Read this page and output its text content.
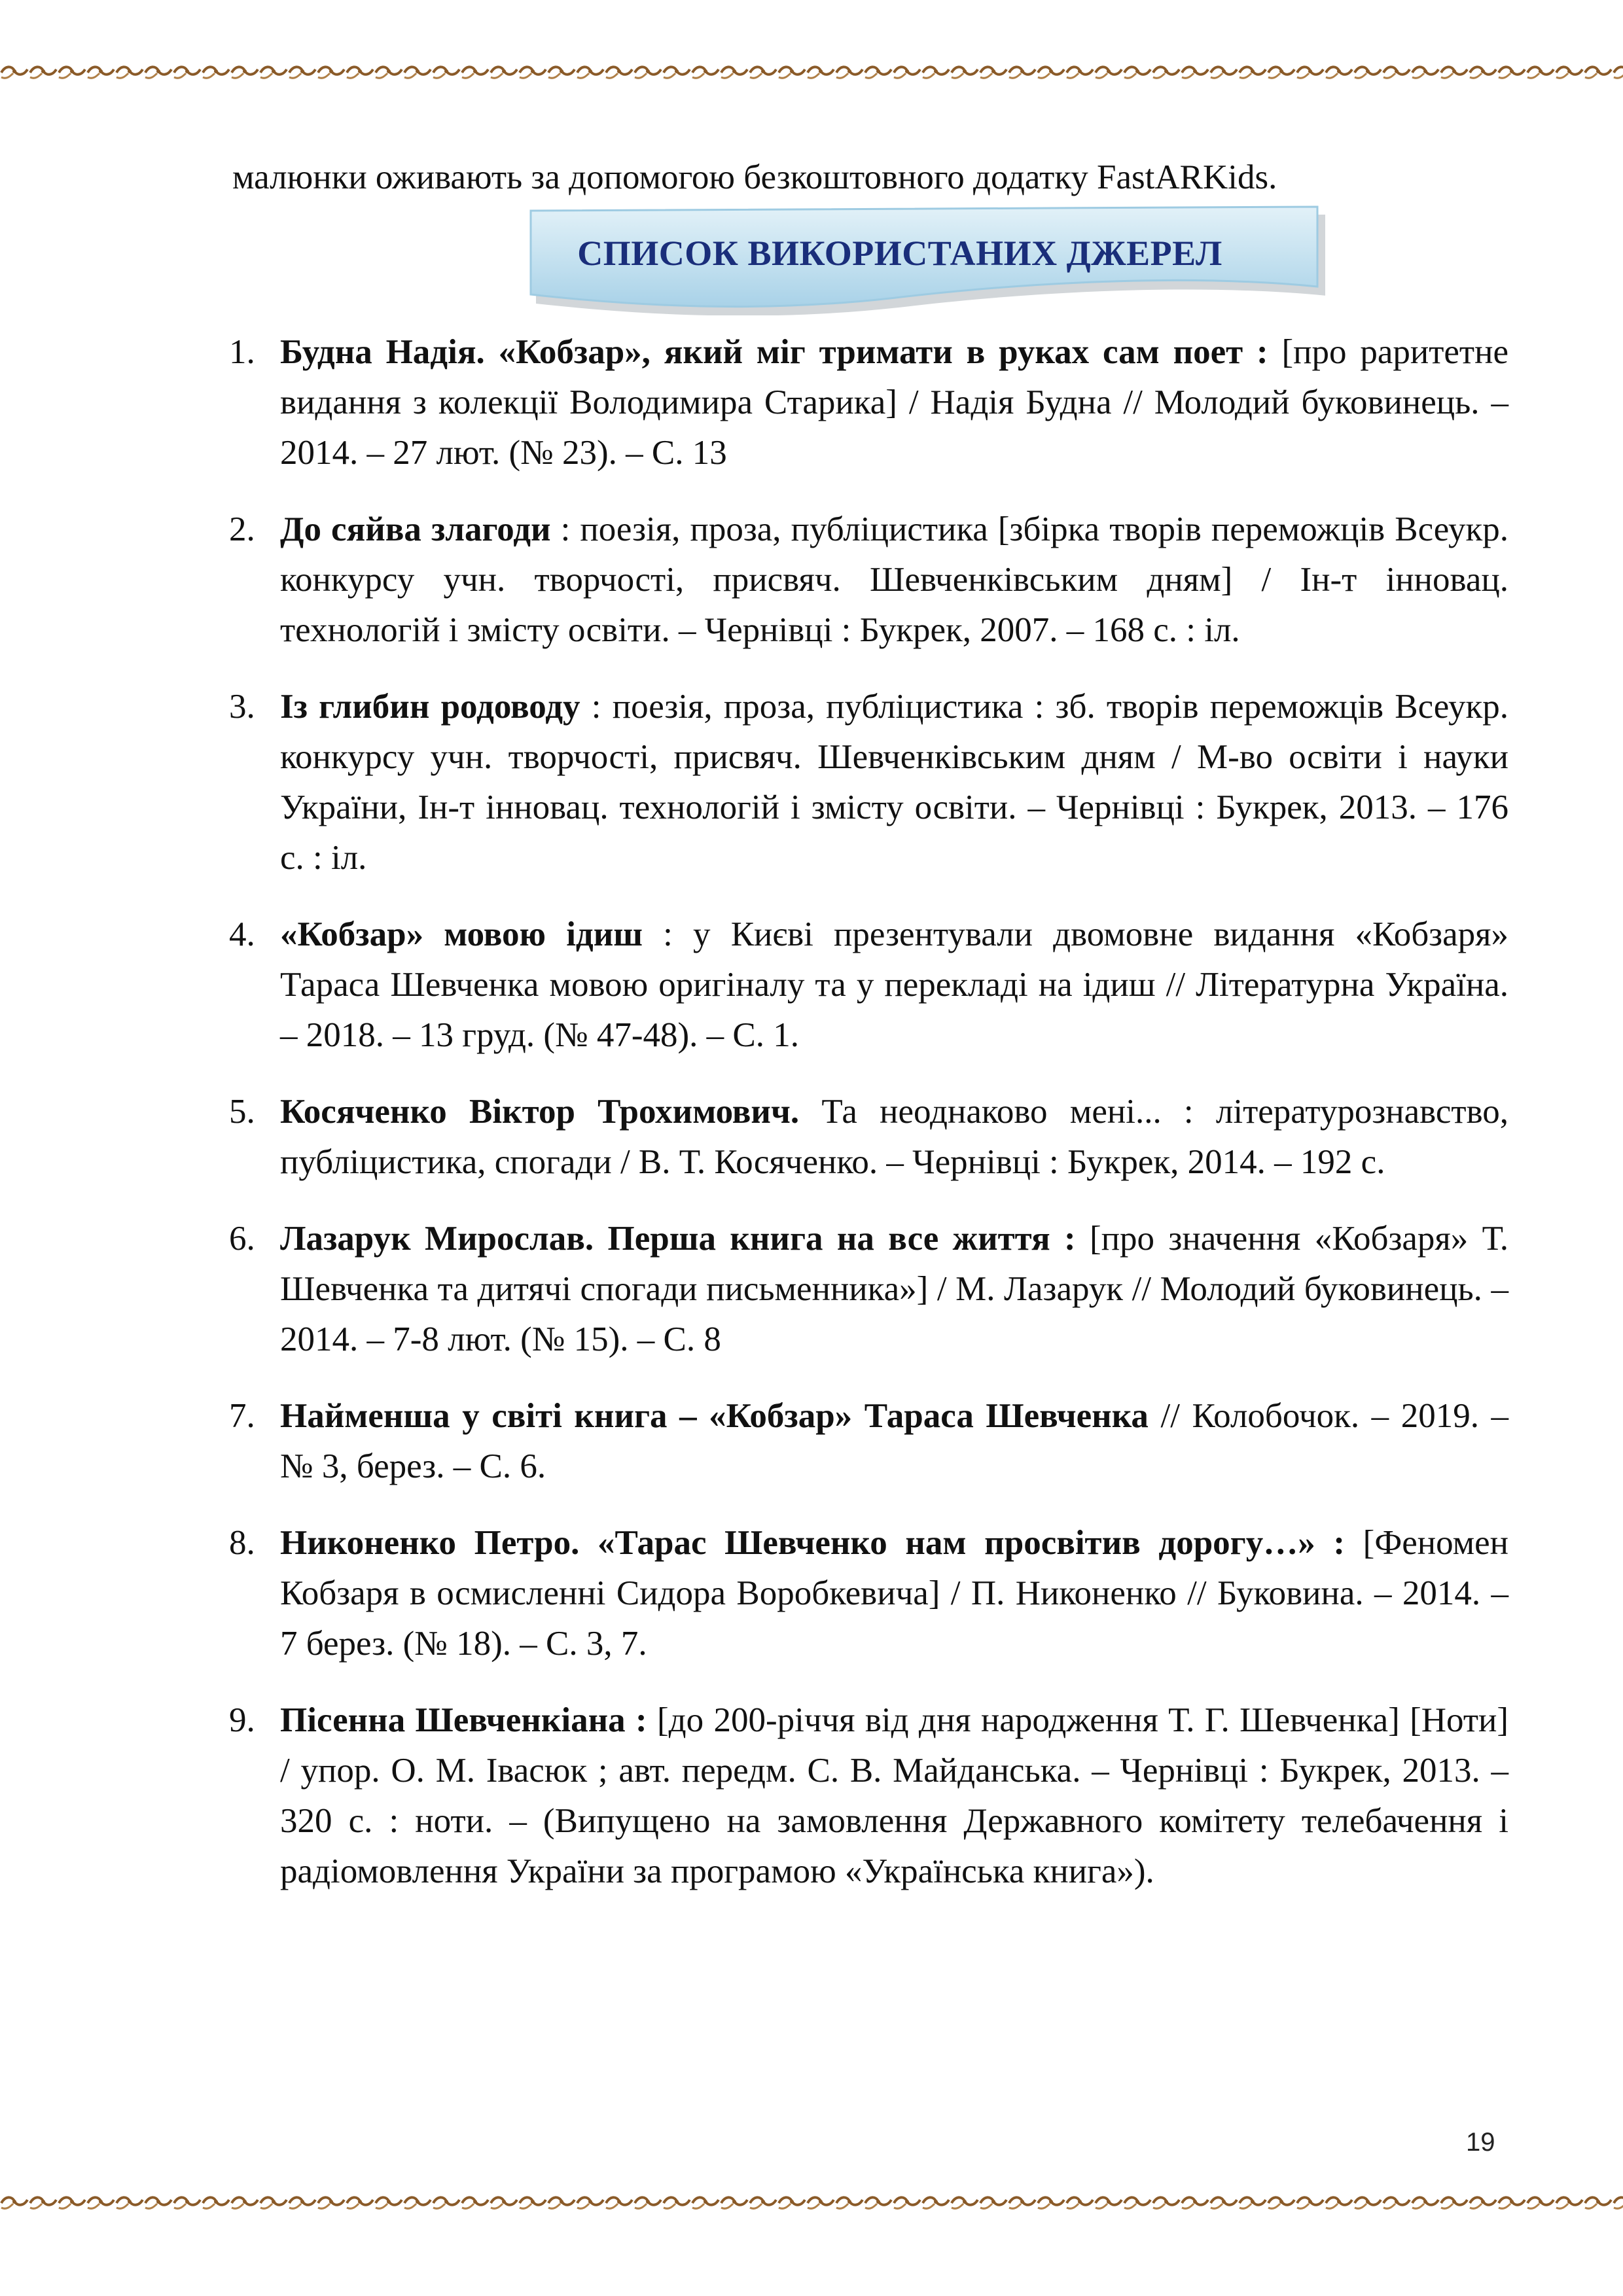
малюнки оживають за допомогою безкоштовного додатку FastARKids.
СПИСОК ВИКОРИСТАНИХ ДЖЕРЕЛ
1. Будна Надія. «Кобзар», який міг тримати в руках сам поет : [про раритетне видання з колекції Володимира Старика] / Надія Будна // Молодий буковинець. – 2014. – 27 лют. (№ 23). – С. 13
2. До сяйва злагоди : поезія, проза, публіцистика [збірка творів переможців Всеукр. конкурсу учн. творчості, присвяч. Шевченківським дням] / Ін-т інновац. технологій і змісту освіти. – Чернівці : Букрек, 2007. – 168 с. : іл.
3. Із глибин родоводу : поезія, проза, публіцистика : зб. творів переможців Всеукр. конкурсу учн. творчості, присвяч. Шевченківським дням / М-во освіти і науки України, Ін-т інновац. технологій і змісту освіти. – Чернівці : Букрек, 2013. – 176 с. : іл.
4. «Кобзар» мовою ідиш : у Києві презентували двомовне видання «Кобзаря» Тараса Шевченка мовою оригіналу та у перекладі на ідиш // Літературна Україна. – 2018. – 13 груд. (№ 47-48). – С. 1.
5. Косяченко Віктор Трохимович. Та неоднаково мені... : літературознавство, публіцистика, спогади / В. Т. Косяченко. – Чернівці : Букрек, 2014. – 192 с.
6. Лазарук Мирослав. Перша книга на все життя : [про значення «Кобзаря» Т. Шевченка та дитячі спогади письменника»] / М. Лазарук // Молодий буковинець. – 2014. – 7-8 лют. (№ 15). – С. 8
7. Найменша у світі книга – «Кобзар» Тараса Шевченка // Колобочок. – 2019. – № 3, берез. – С. 6.
8. Никоненко Петро. «Тарас Шевченко нам просвітив дорогу…» : [Феномен Кобзаря в осмисленні Сидора Воробкевича] / П. Никоненко // Буковина. – 2014. – 7 берез. (№ 18). – С. 3, 7.
9. Пісенна Шевченкіана : [до 200-річчя від дня народження Т. Г. Шевченка] [Ноти] / упор. О. М. Івасюк ; авт. передм. С. В. Майданська. – Чернівці : Букрек, 2013. – 320 с. : ноти. – (Випущено на замовлення Державного комітету телебачення і радіомовлення України за програмою «Українська книга»).
19
